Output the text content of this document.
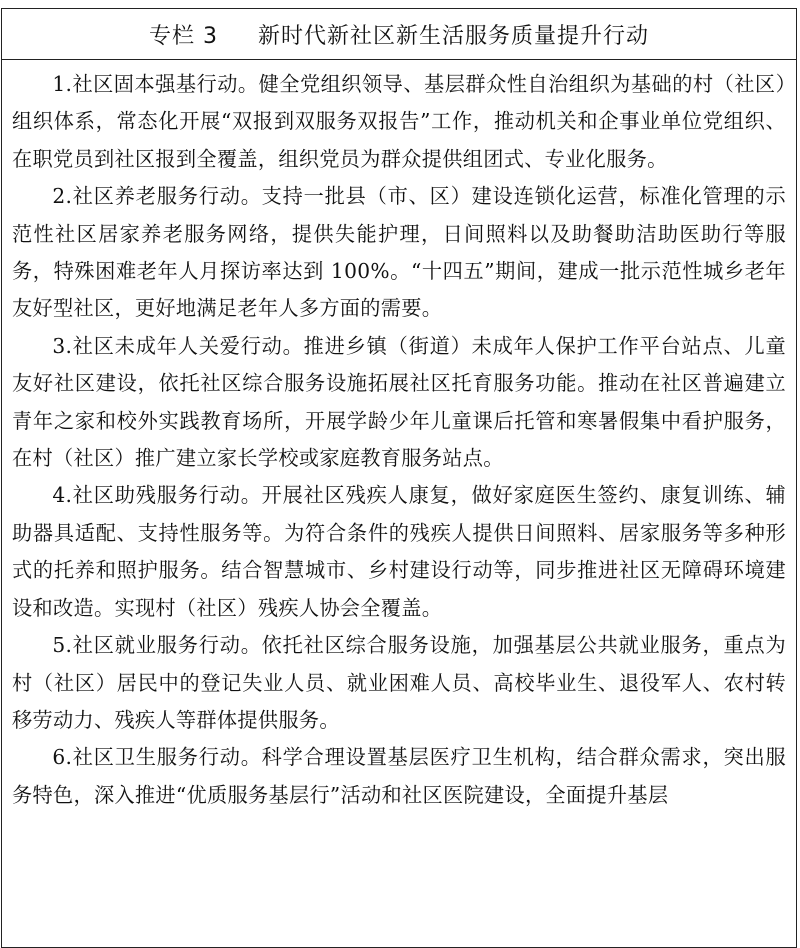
专栏 3 新时代新社区新生活服务质量提升行动

1.社区固本强基行动。健全党组织领导、基层群众性自治组织为基础的村（社区）组织体系，常态化开展“双报到双服务双报告”工作，推动机关和企事业单位党组织、在职党员到社区报到全覆盖，组织党员为群众提供组团式、专业化服务。

2.社区养老服务行动。支持一批县（市、区）建设连锁化运营，标准化管理的示范性社区居家养老服务网络，提供失能护理，日间照料以及助餐助洁助医助行等服务，特殊困难老年人月探访率达到 100%。“十四五”期间，建成一批示范性城乡老年友好型社区，更好地满足老年人多方面的需要。

3.社区未成年人关爱行动。推进乡镇（街道）未成年人保护工作平台站点、儿童友好社区建设，依托社区综合服务设施拓展社区托育服务功能。推动在社区普遍建立青年之家和校外实践教育场所，开展学龄少年儿童课后托管和寒暑假集中看护服务，在村（社区）推广建立家长学校或家庭教育服务站点。

4.社区助残服务行动。开展社区残疾人康复，做好家庭医生签约、康复训练、辅助器具适配、支持性服务等。为符合条件的残疾人提供日间照料、居家服务等多种形式的托养和照护服务。结合智慧城市、乡村建设行动等，同步推进社区无障碍环境建设和改造。实现村（社区）残疾人协会全覆盖。

5.社区就业服务行动。依托社区综合服务设施，加强基层公共就业服务，重点为村（社区）居民中的登记失业人员、就业困难人员、高校毕业生、退役军人、农村转移劳动力、残疾人等群体提供服务。

6.社区卫生服务行动。科学合理设置基层医疗卫生机构，结合群众需求，突出服务特色，深入推进“优质服务基层行”活动和社区医院建设，全面提升基层
